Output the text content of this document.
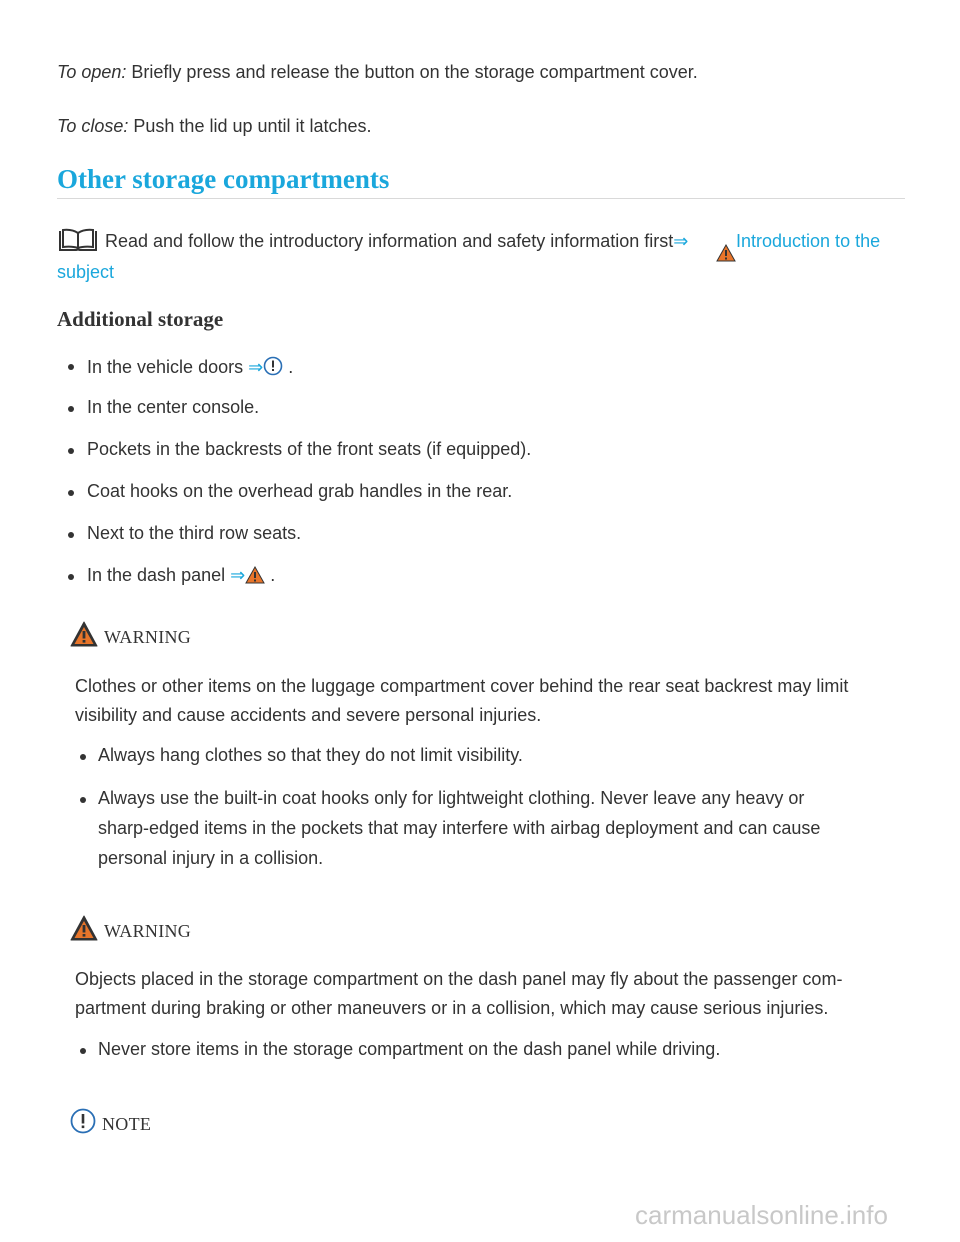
To open: Briefly press and release the button on the storage compartment cover.

To close: Push the lid up until it latches.

Other storage compartments

Read and follow the introductory information and safety information first⇒	Introduction to the

subject

Additional storage

In the vehicle doors ⇒ .

In the center console.

Pockets in the backrests of the front seats (if equipped).

Coat hooks on the overhead grab handles in the rear.

Next to the third row seats.

In the dash panel ⇒ .

WARNING

Clothes or other items on the luggage compartment cover behind the rear seat backrest may limit

visibility and cause accidents and severe personal injuries.

Always hang clothes so that they do not limit visibility.

Always use the built-in coat hooks only for lightweight clothing. Never leave any heavy or

sharp-edged items in the pockets that may interfere with airbag deployment and can cause

personal injury in a collision.

WARNING

Objects placed in the storage compartment on the dash panel may fly about the passenger com-

partment during braking or other maneuvers or in a collision, which may cause serious injuries.

Never store items in the storage compartment on the dash panel while driving.

NOTE

carmanualsonline.info
